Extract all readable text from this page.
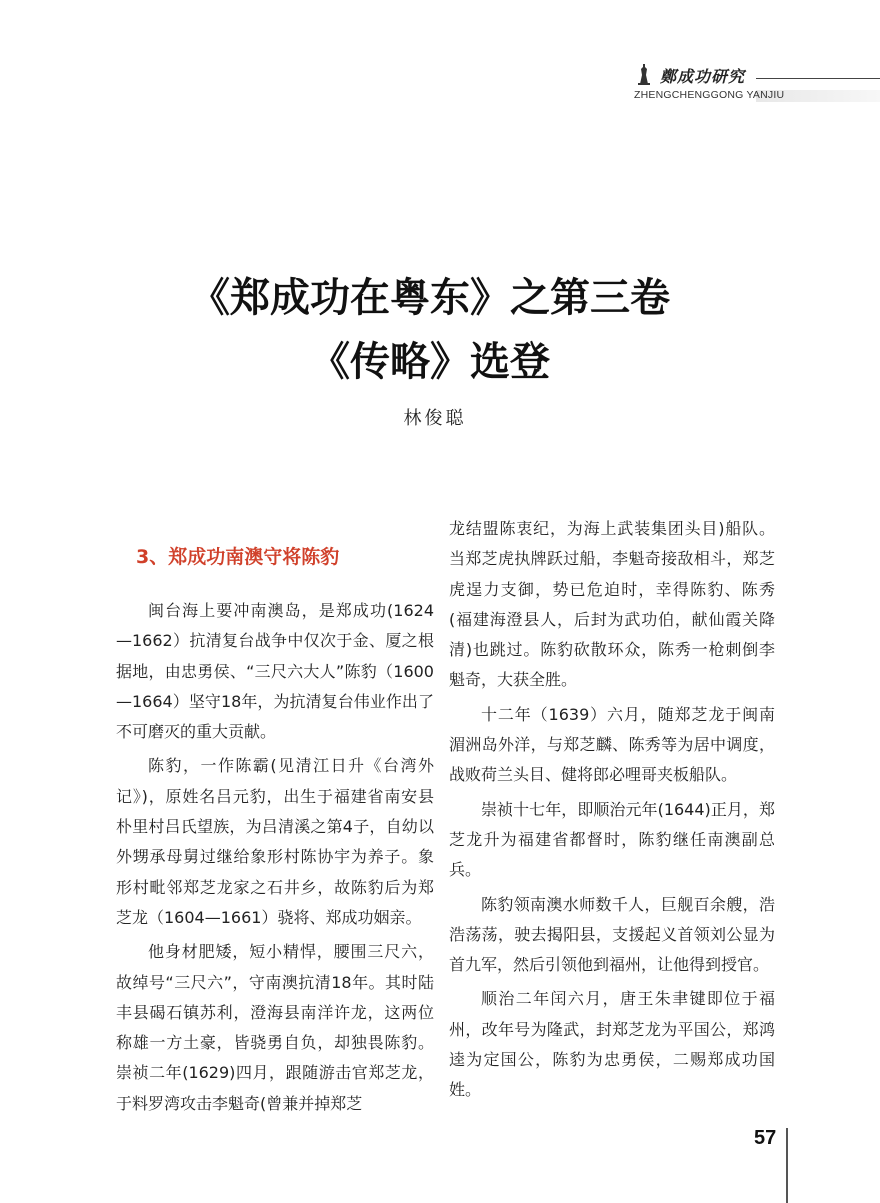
鄭成功研究
ZHENGCHENGGONG YANJIU
《郑成功在粤东》之第三卷
《传略》选登
林俊聪
3、郑成功南澳守将陈豹

闽台海上要冲南澳岛，是郑成功(1624—1662）抗清复台战争中仅次于金、厦之根据地，由忠勇侯、“三尺六大人”陈豹（1600—1664）坚守18年，为抗清复台伟业作出了不可磨灭的重大贡献。

陈豹，一作陈霸(见清江日升《台湾外记》)，原姓名吕元豹，出生于福建省南安县朴里村吕氏望族，为吕清溪之第4子，自幼以外甥承母舅过继给象形村陈协宇为养子。象形村毗邻郑芝龙家之石井乡，故陈豹后为郑芝龙（1604—1661）骁将、郑成功姻亲。

他身材肥矮，短小精悍，腰围三尺六，故绰号“三尺六”，守南澳抗清18年。其时陆丰县碣石镇苏利，澄海县南洋许龙，这两位称雄一方土豪，皆骁勇自负，却独畏陈豹。崇祯二年(1629)四月，跟随游击官郑芝龙，于料罗湾攻击李魁奇(曾兼并掉郑芝

龙结盟陈衷纪，为海上武装集团头目)船队。当郑芝虎执牌跃过船，李魁奇接敌相斗，郑芝虎逞力支御，势已危迫时，幸得陈豹、陈秀(福建海澄县人，后封为武功伯，献仙霞关降清)也跳过。陈豹砍散环众，陈秀一枪刺倒李魁奇，大获全胜。

十二年（1639）六月，随郑芝龙于闽南湄洲岛外洋，与郑芝麟、陈秀等为居中调度，战败荷兰头目、健将郎必哩哥夹板船队。

崇祯十七年，即顺治元年(1644)正月，郑芝龙升为福建省都督时，陈豹继任南澳副总兵。

陈豹领南澳水师数千人，巨舰百余艘，浩浩荡荡，驶去揭阳县，支援起义首领刘公显为首九军，然后引领他到福州，让他得到授官。

顺治二年闰六月，唐王朱聿键即位于福州，改年号为隆武，封郑芝龙为平国公，郑鸿逵为定国公，陈豹为忠勇侯，二赐郑成功国姓。

57
